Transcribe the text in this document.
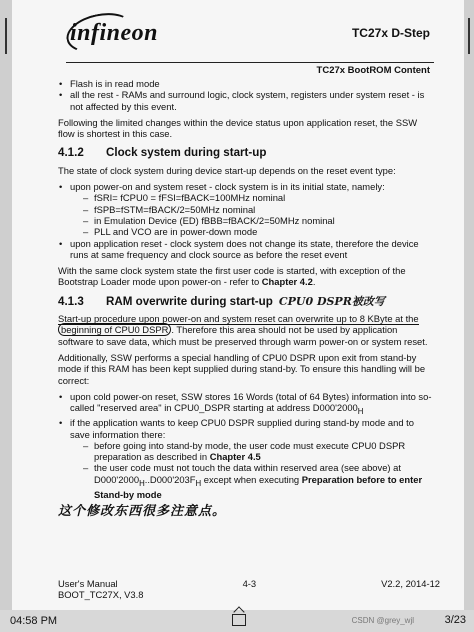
infineon	TC27x D-Step
TC27x BootROM Content
• Flash is in read mode
• all the rest - RAMs and surround logic, clock system, registers under system reset - is not affected by this event.

Following the limited changes within the device status upon application reset, the SSW flow is shortest in this case.

4.1.2	Clock system during start-up

The state of clock system during device start-up depends on the reset event type:

• upon power-on and system reset - clock system is in its initial state, namely:
– fSRI= fCPU0 = fFSI=fBACK=100MHz nominal
– fSPB=fSTM=fBACK/2=50MHz nominal
– in Emulation Device (ED) fBBB=fBACK/2=50MHz nominal
– PLL and VCO are in power-down mode
• upon application reset - clock system does not change its state, therefore the device runs at same frequency and clock source as before the reset event

With the same clock system state the first user code is started, with exception of the Bootstrap Loader mode upon power-on - refer to Chapter 4.2.

4.1.3	RAM overwrite during start-up CPU0 DSPR被改写

Start-up procedure upon power-on and system reset can overwrite up to 8 KByte at the beginning of CPU0 DSPR . Therefore this area should not be used by application software to save data, which must be preserved through warm power-on or system reset.

Additionally, SSW performs a special handling of CPU0 DSPR upon exit from stand-by mode if this RAM has been kept supplied during stand-by. To ensure this handling will be correct:

• upon cold power-on reset, SSW stores 16 Words (total of 64 Bytes) information into so-called "reserved area" in CPU0_DSPR starting at address $D000'2000_H$
• if the application wants to keep CPU0 DSPR supplied during stand-by mode and to save information there:
– before going into stand-by mode, the user code must execute CPU0 DSPR preparation as described in Chapter 4.5
– the user code must not touch the data within reserved area (see above) at $D000'2000_H..D000'203F_H$ except when executing Preparation before to enter Stand-by mode
这个修改东西很多注意点。
User's Manual	4-3	V2.2, 2014-12
BOOT_TC27X, V3.8
04:58 PM	CSDN @grey_wjl	3/23
